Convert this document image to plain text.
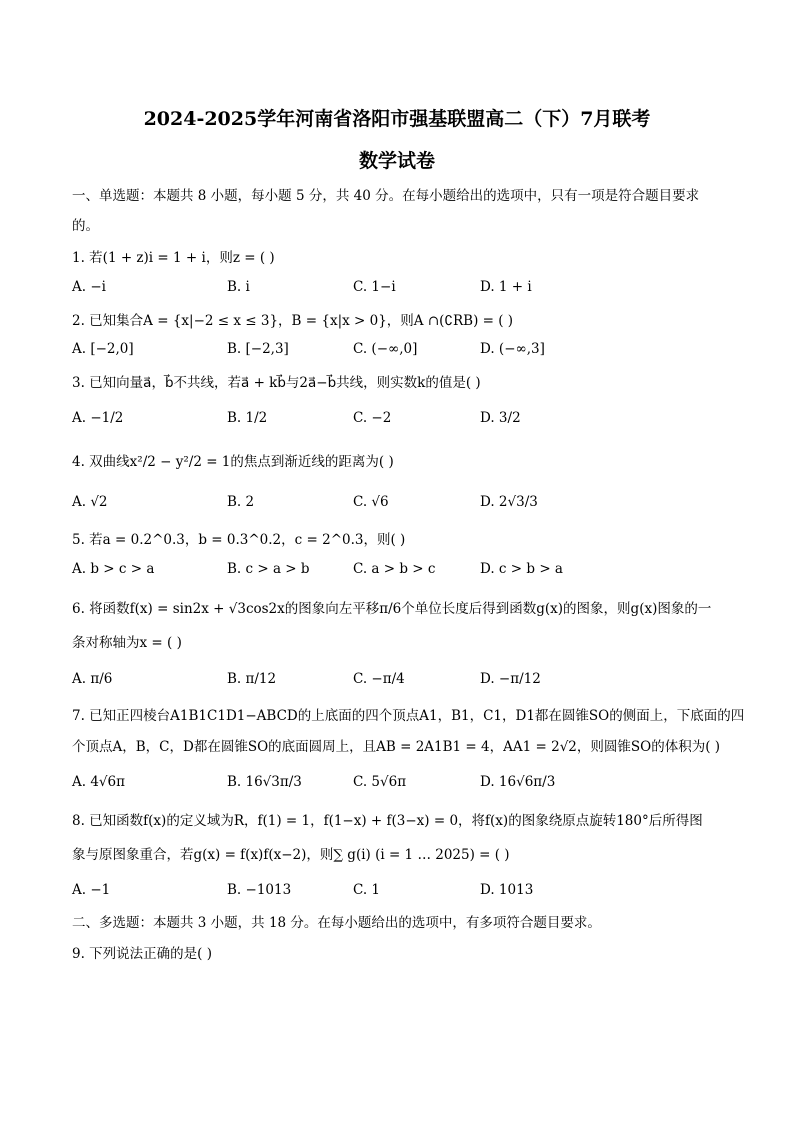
2024-2025学年河南省洛阳市强基联盟高二（下）7月联考
数学试卷
一、单选题：本题共 8 小题，每小题 5 分，共 40 分。在每小题给出的选项中，只有一项是符合题目要求
的。
1. 若(1 + z)i = 1 + i，则z = ( )
A. −i	B. i	C. 1−i	D. 1 + i
2. 已知集合A = {x|−2 ≤ x ≤ 3}，B = {x|x > 0}，则A ∩(∁RB) = ( )
A. [−2,0]	B. [−2,3]	C. (−∞,0]	D. (−∞,3]
3. 已知向量a⃗，b⃗不共线，若a⃗ + kb⃗与2a⃗−b⃗共线，则实数k的值是( )
A. −1/2	B. 1/2	C. −2	D. 3/2
4. 双曲线x²/2 − y²/2 = 1的焦点到渐近线的距离为( )
A. √2	B. 2	C. √6	D. 2√3/3
5. 若a = 0.2^0.3，b = 0.3^0.2，c = 2^0.3，则( )
A. b > c > a	B. c > a > b	C. a > b > c	D. c > b > a
6. 将函数f(x) = sin2x + √3cos2x的图象向左平移π/6个单位长度后得到函数g(x)的图象，则g(x)图象的一
条对称轴为x = ( )
A. π/6	B. π/12	C. −π/4	D. −π/12
7. 已知正四棱台A1B1C1D1−ABCD的上底面的四个顶点A1，B1，C1，D1都在圆锥SO的侧面上，下底面的四
个顶点A，B，C，D都在圆锥SO的底面圆周上，且AB = 2A1B1 = 4，AA1 = 2√2，则圆锥SO的体积为( )
A. 4√6π	B. 16√3π/3	C. 5√6π	D. 16√6π/3
8. 已知函数f(x)的定义域为R，f(1) = 1，f(1−x) + f(3−x) = 0，将f(x)的图象绕原点旋转180°后所得图
象与原图象重合，若g(x) = f(x)f(x−2)，则∑ g(i) (i = 1 … 2025) = ( )
A. −1	B. −1013	C. 1	D. 1013
二、多选题：本题共 3 小题，共 18 分。在每小题给出的选项中，有多项符合题目要求。
9. 下列说法正确的是( )
